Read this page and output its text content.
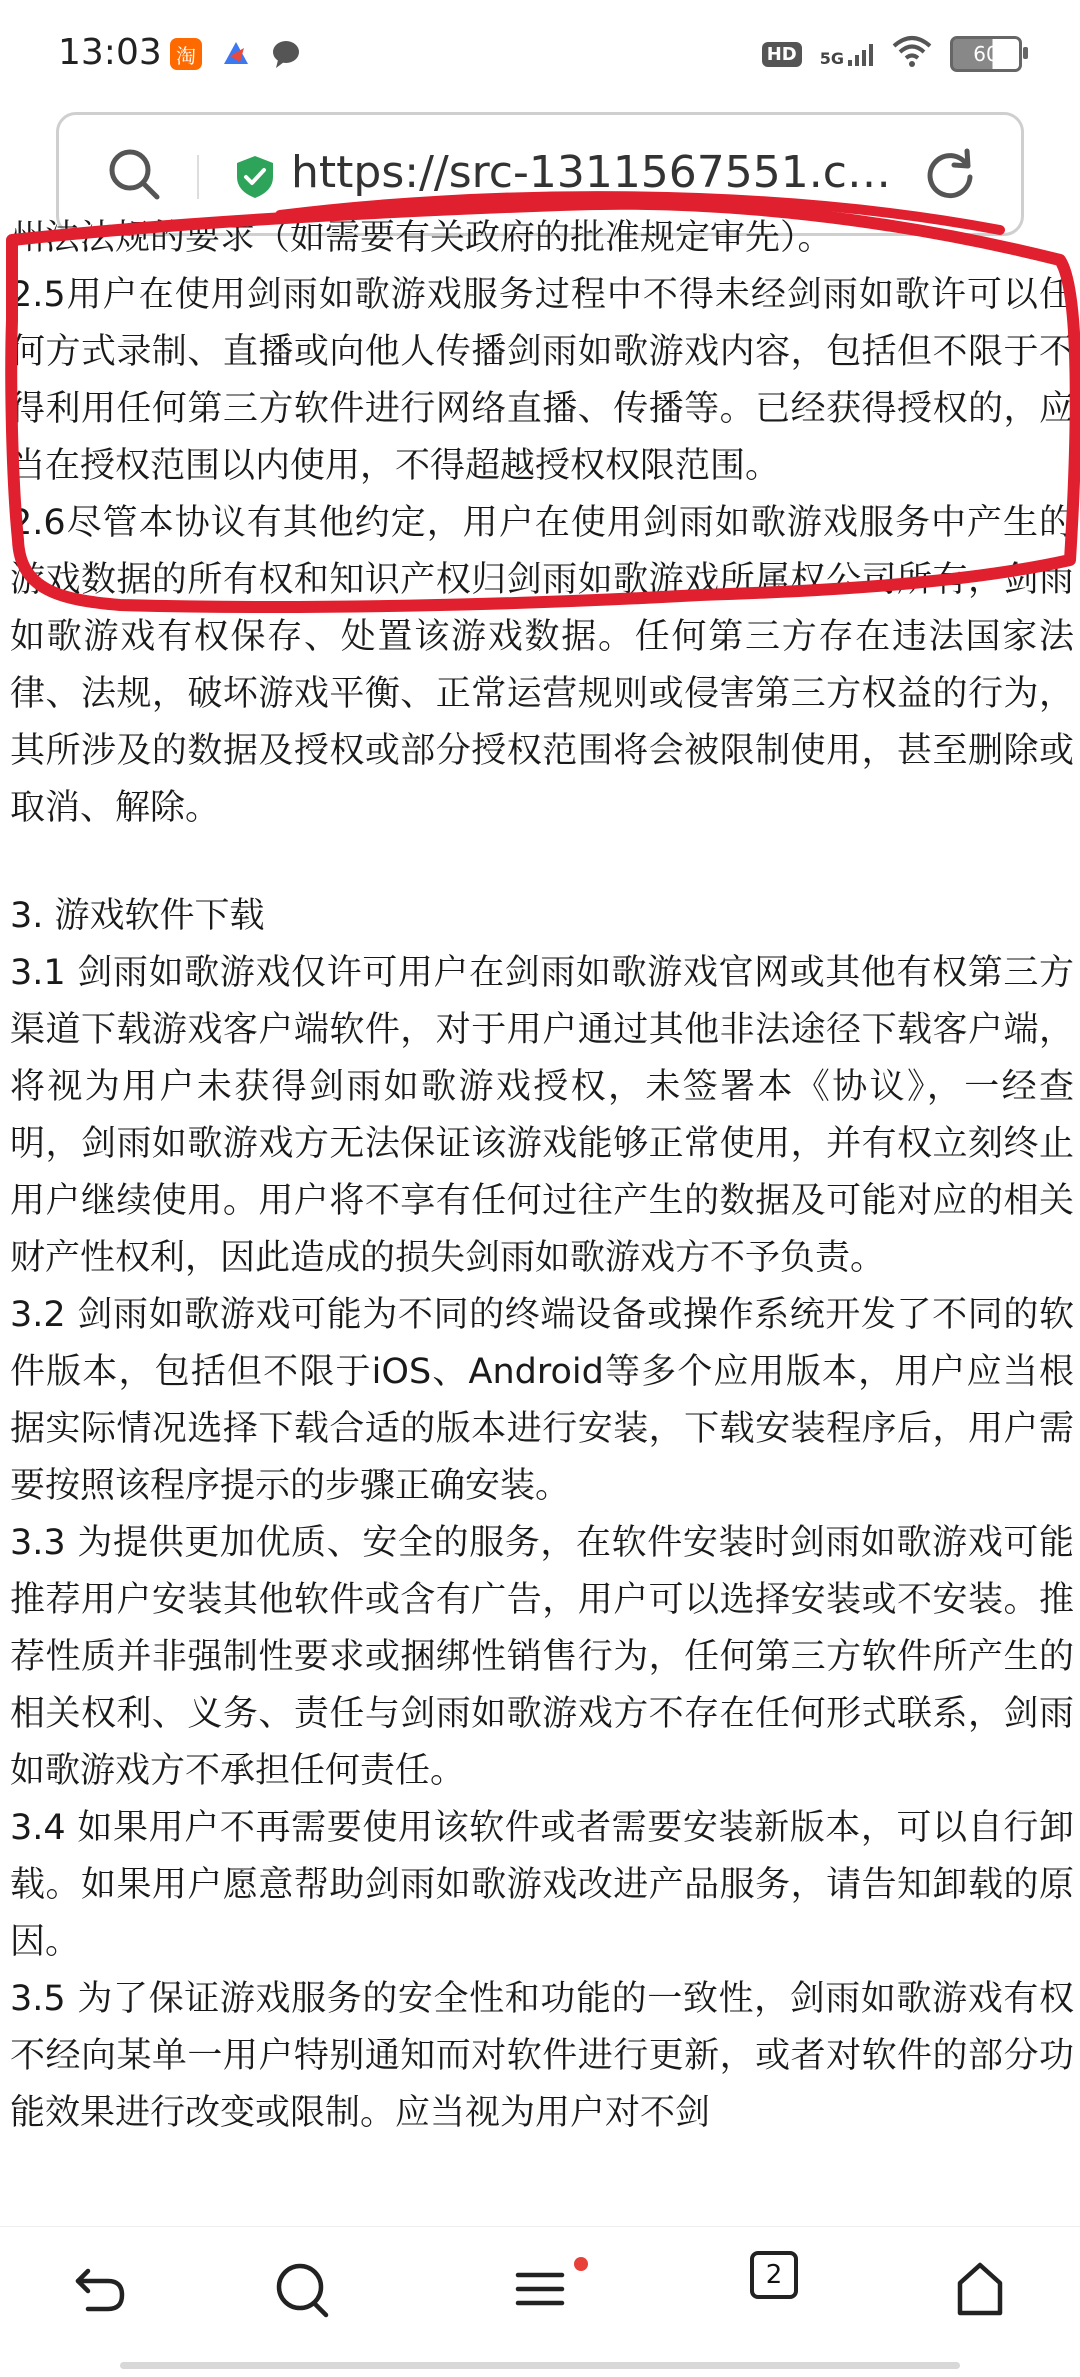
13:03 淘	HD	5G	60
https://src-1311567551.c…

州法法规的要求（如需要有关政府的批准规定审先）。

2.5用户在使用剑雨如歌游戏服务过程中不得未经剑雨如歌许可以任何方式录制、直播或向他人传播剑雨如歌游戏内容，包括但不限于不得利用任何第三方软件进行网络直播、传播等。已经获得授权的，应当在授权范围以内使用，不得超越授权权限范围。

2.6尽管本协议有其他约定，用户在使用剑雨如歌游戏服务中产生的游戏数据的所有权和知识产权归剑雨如歌游戏所属权公司所有，剑雨如歌游戏有权保存、处置该游戏数据。任何第三方存在违法国家法律、法规，破坏游戏平衡、正常运营规则或侵害第三方权益的行为，其所涉及的数据及授权或部分授权范围将会被限制使用，甚至删除或取消、解除。

3. 游戏软件下载

3.1 剑雨如歌游戏仅许可用户在剑雨如歌游戏官网或其他有权第三方渠道下载游戏客户端软件，对于用户通过其他非法途径下载客户端，将视为用户未获得剑雨如歌游戏授权，未签署本《协议》，一经查明，剑雨如歌游戏方无法保证该游戏能够正常使用，并有权立刻终止用户继续使用。用户将不享有任何过往产生的数据及可能对应的相关财产性权利，因此造成的损失剑雨如歌游戏方不予负责。

3.2 剑雨如歌游戏可能为不同的终端设备或操作系统开发了不同的软件版本，包括但不限于iOS、Android等多个应用版本，用户应当根据实际情况选择下载合适的版本进行安装，下载安装程序后，用户需要按照该程序提示的步骤正确安装。

3.3 为提供更加优质、安全的服务，在软件安装时剑雨如歌游戏可能推荐用户安装其他软件或含有广告，用户可以选择安装或不安装。推荐性质并非强制性要求或捆绑性销售行为，任何第三方软件所产生的相关权利、义务、责任与剑雨如歌游戏方不存在任何形式联系，剑雨如歌游戏方不承担任何责任。

3.4 如果用户不再需要使用该软件或者需要安装新版本，可以自行卸载。如果用户愿意帮助剑雨如歌游戏改进产品服务，请告知卸载的原因。

3.5 为了保证游戏服务的安全性和功能的一致性，剑雨如歌游戏有权不经向某单一用户特别通知而对软件进行更新，或者对软件的部分功能效果进行改变或限制。应当视为用户对不剑

2
